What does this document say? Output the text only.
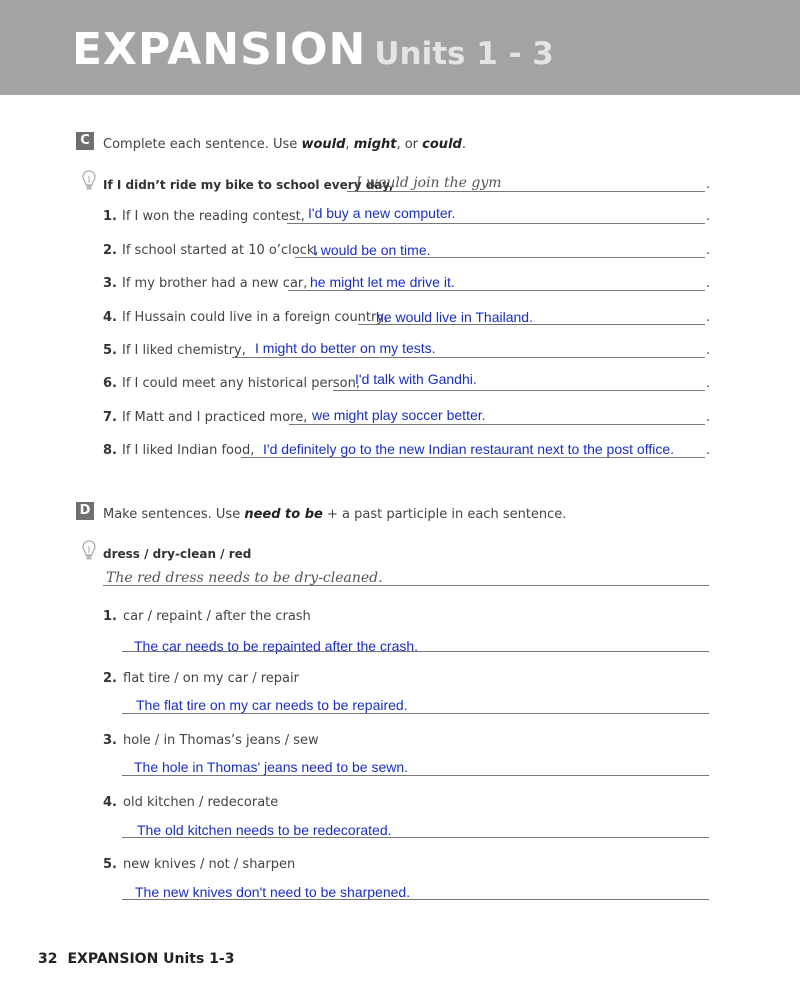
EXPANSION Units 1 - 3
C	Complete each sentence. Use would, might, or could.
If I didn’t ride my bike to school every day,
I would join the gym	.
1. If I won the reading contest, I'd buy a new computer.	.
2. If school started at 10 o’clock,
I would be on time.	.
3. If my brother had a new car, he might let me drive it.	.
4. If Hussain could live in a foreign country,
he would live in Thailand.	.
5. If I liked chemistry, I might do better on my tests.	.
6. If I could meet any historical person,
I'd talk with Gandhi.	.
7. If Matt and I practiced more, we might play soccer better.	.
8. If I liked Indian food, I'd definitely go to the new Indian restaurant next to the post office. .
D Make sentences. Use need to be + a past participle in each sentence.
dress / dry-clean / red
The red dress needs to be dry-cleaned.
1. car / repaint / after the crash
The car needs to be repainted after the crash.
2. flat tire / on my car / repair
The flat tire on my car needs to be repaired.
3. hole / in Thomas’s jeans / sew
The hole in Thomas' jeans need to be sewn.
4. old kitchen / redecorate
The old kitchen needs to be redecorated.
5. new knives / not / sharpen
The new knives don't need to be sharpened.
32 EXPANSION Units 1-3
